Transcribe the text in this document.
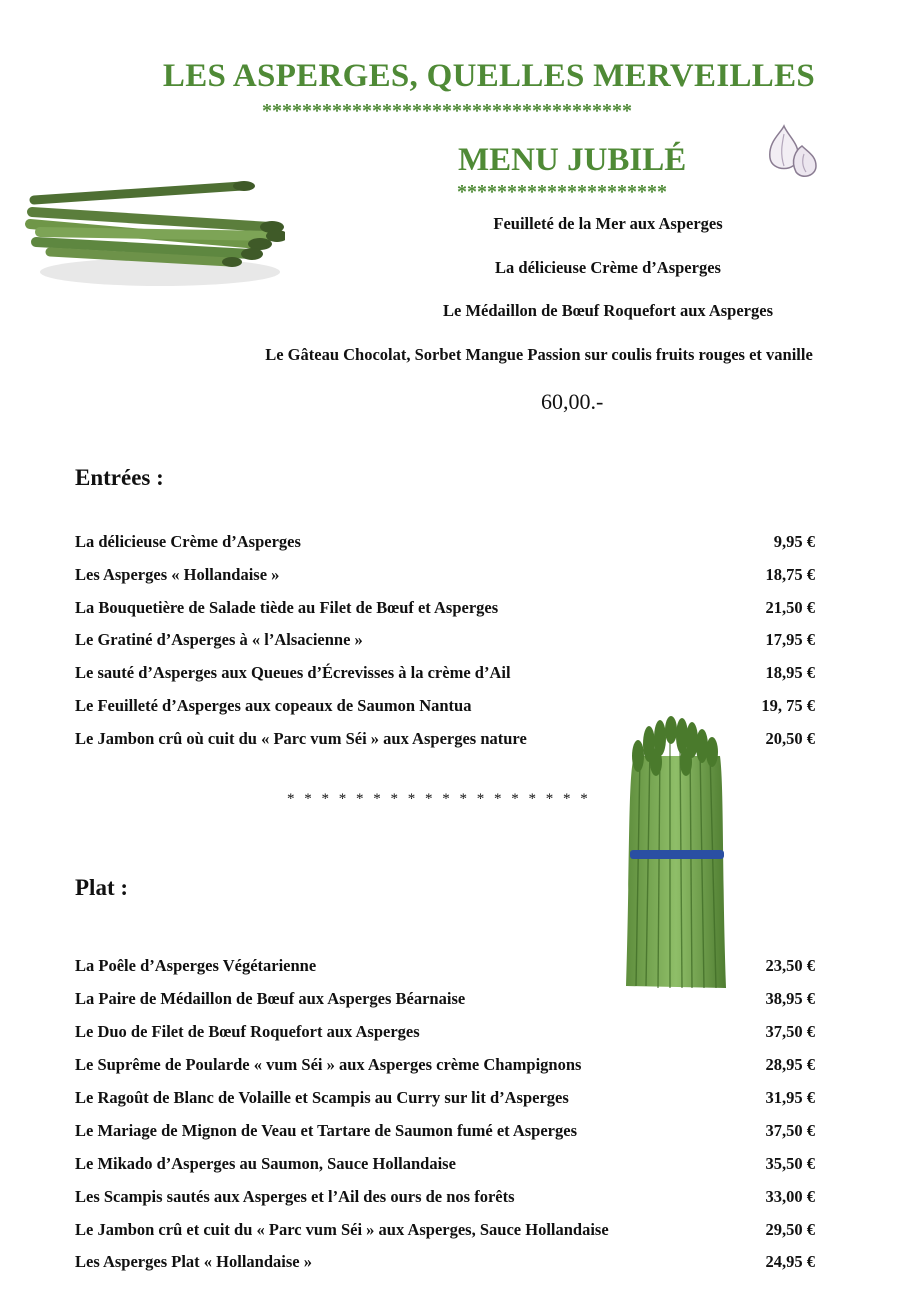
LES ASPERGES, QUELLES MERVEILLES
*************************************
MENU JUBILÉ
*********************
Feuilleté de la Mer aux Asperges
La délicieuse Crème d’Asperges
Le Médaillon de Bœuf Roquefort aux Asperges
Le Gâteau Chocolat, Sorbet Mangue Passion sur coulis fruits rouges et vanille
60,00.-
Entrées :
La délicieuse Crème d’Asperges	9,95 €
Les Asperges « Hollandaise »	18,75 €
La Bouquetière de Salade tiède au Filet de Bœuf et Asperges	21,50 €
Le Gratiné d’Asperges à « l’Alsacienne »	17,95 €
Le sauté d’Asperges aux Queues d’Écrevisses à la crème d’Ail	18,95 €
Le Feuilleté d’Asperges aux copeaux de Saumon Nantua	19, 75 €
Le Jambon crû où cuit du « Parc vum Séi » aux Asperges nature	20,50 €
* * * * * * * * * * * * * * * * * *
Plat :
La Poêle d’Asperges Végétarienne	23,50 €
La Paire de Médaillon de Bœuf aux Asperges Béarnaise	38,95 €
Le Duo de Filet de Bœuf Roquefort aux Asperges	37,50 €
Le Suprême de Poularde « vum Séi » aux Asperges crème Champignons	28,95 €
Le Ragoût de Blanc de Volaille et Scampis au Curry sur lit d’Asperges	31,95 €
Le Mariage de Mignon de Veau et Tartare de Saumon fumé et Asperges	37,50 €
Le Mikado d’Asperges au Saumon, Sauce Hollandaise	35,50 €
Les Scampis sautés aux Asperges et l’Ail des ours de nos forêts	33,00 €
Le Jambon crû et cuit du « Parc vum Séi » aux Asperges, Sauce Hollandaise	29,50 €
Les Asperges Plat « Hollandaise »	24,95 €
